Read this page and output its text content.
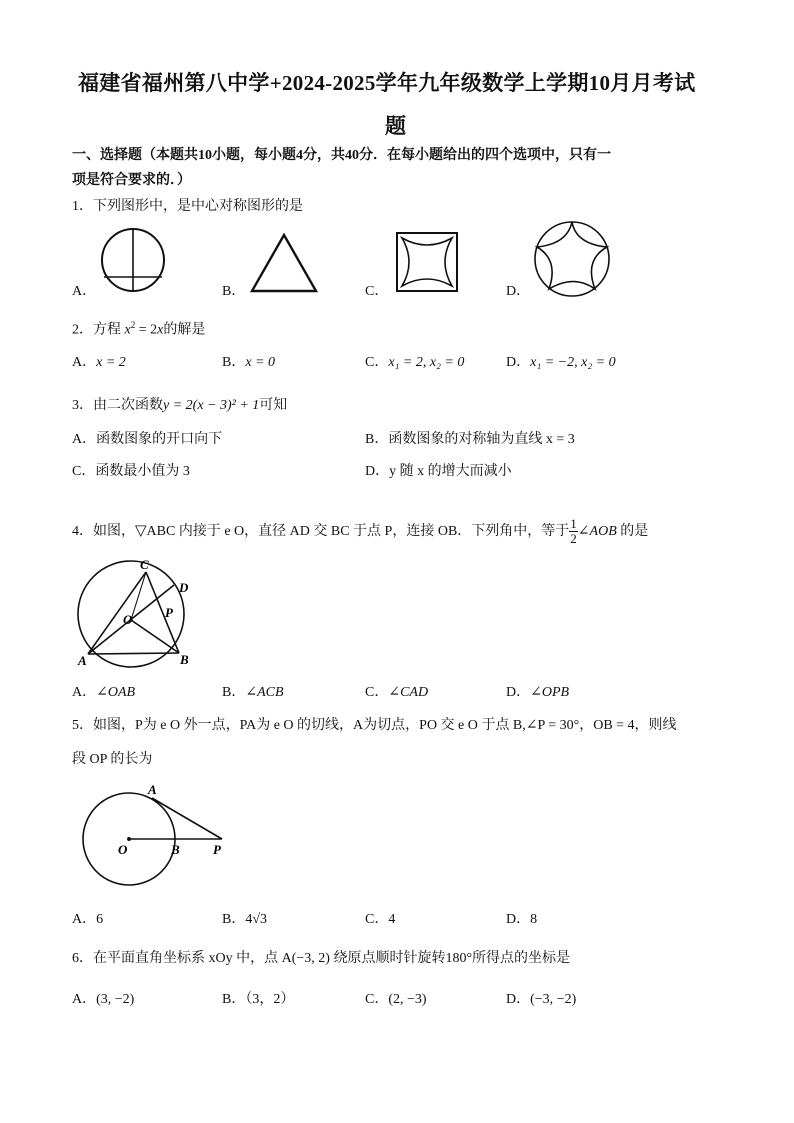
福建省福州第八中学+2024-2025学年九年级数学上学期10月月考试
题
一、选择题（本题共10小题，每小题4分，共40分．在每小题给出的四个选项中，只有一
项是符合要求的．）
1．下列图形中，是中心对称图形的是
A．	B．	C．	D．
2．方程 $x^2 = 2x$的解是
A．x = 2	B．x = 0	C．x₁ = 2, x₂ = 0	D．x₁ = −2, x₂ = 0
3．由二次函数y = 2(x − 3)² + 1可知
A．函数图象的开口向下	B．函数图象的对称轴为直线 x = 3
C．函数最小值为 3	D．y 随 x 的增大而减小
4．如图，▽ABC 内接于 e O，直径 AD 交 BC 于点 P，连接 OB．下列角中，等于 $\frac{1}{2}$ ∠AOB 的是
C
D
P
O
A	B
A．∠OAB	B．∠ACB	C．∠CAD	D．∠OPB
5．如图，P为 e O 外一点，PA为 e O 的切线，A为切点，PO 交 e O 于点 B,∠P = 30°，OB = 4，则线
段 OP 的长为
A
O	B	P
A．6	B．4√3	C．4	D．8
6．在平面直角坐标系 xOy 中，点 A(−3, 2) 绕原点顺时针旋转180°所得点的坐标是
A．(3, −2)	B．（3，2）	C．(2, −3)	D．(−3, −2)
